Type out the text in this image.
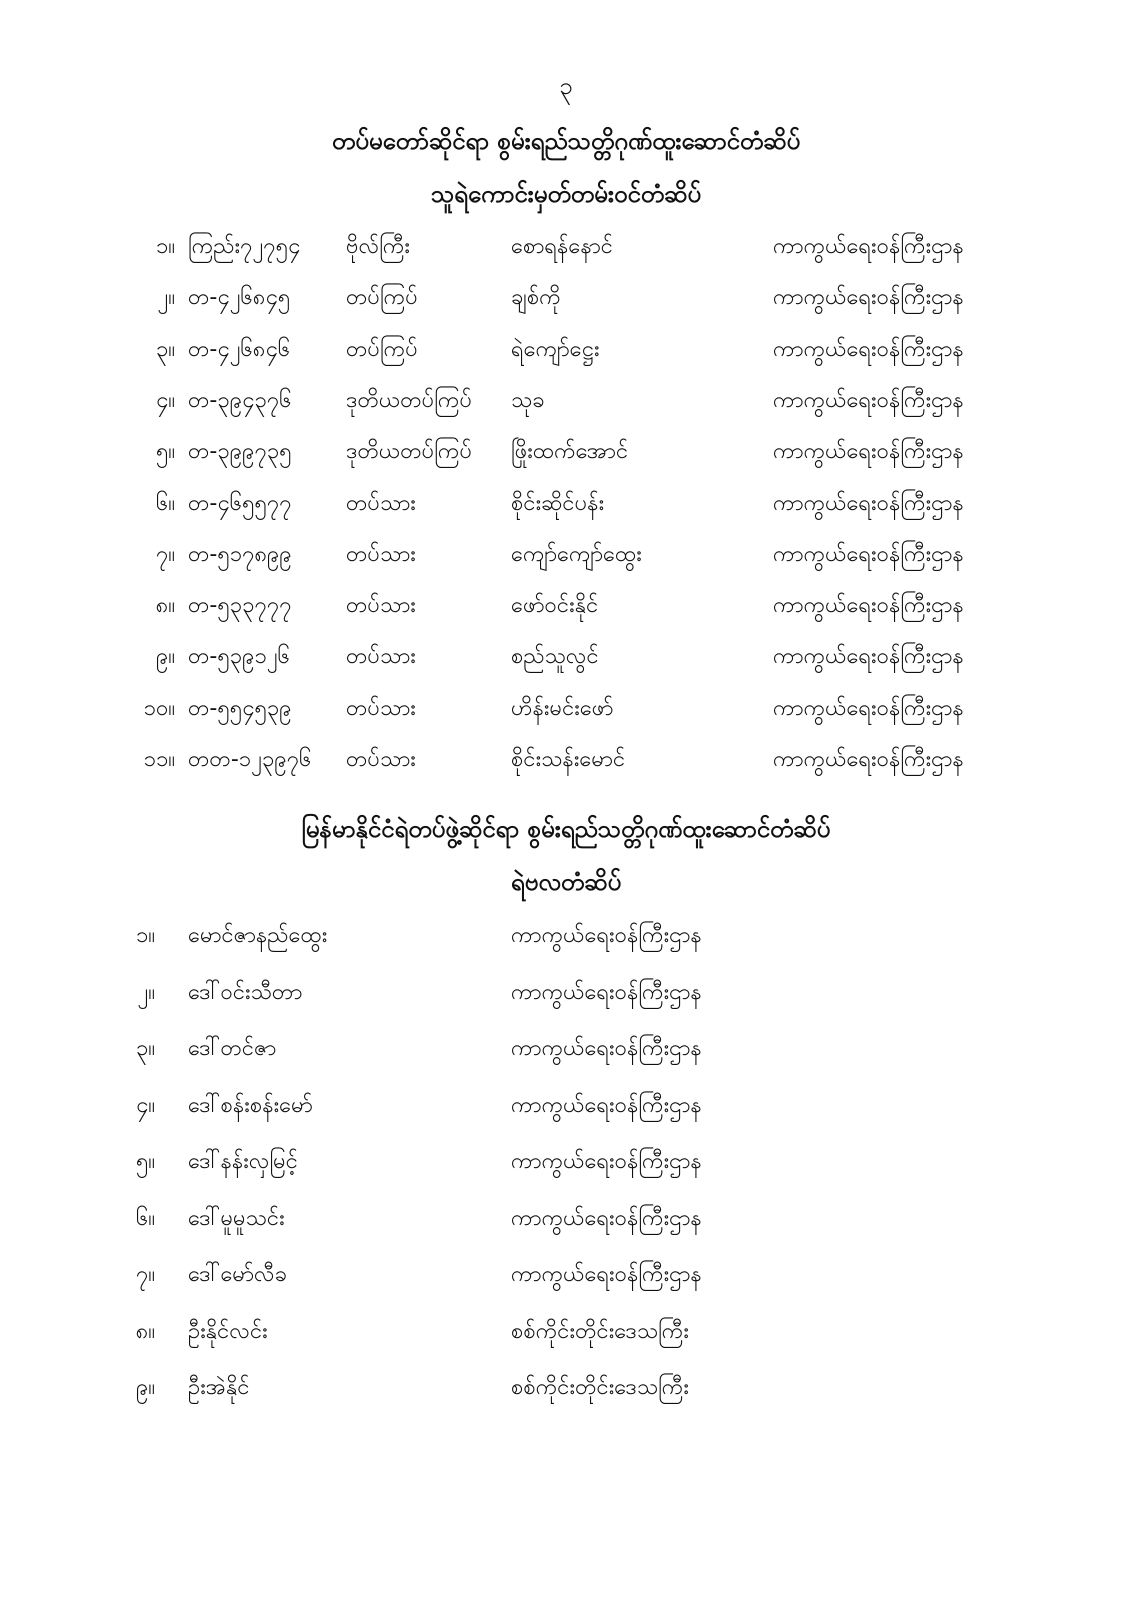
၃
တပ်မတော်ဆိုင်ရာ စွမ်းရည်သတ္တိဂုဏ်ထူးဆောင်တံဆိပ်
သူရဲကောင်းမှတ်တမ်းဝင်တံဆိပ်
၁။ ကြည်း၇၂၇၅၄ ဗိုလ်ကြီး	စောရန်နောင်	ကာကွယ်ရေးဝန်ကြီးဌာန
၂။ တ-၄၂၆၈၄၅	တပ်ကြပ်	ချစ်ကို	ကာကွယ်ရေးဝန်ကြီးဌာန
၃။ တ-၄၂၆၈၄၆	တပ်ကြပ်	ရဲကျော်ဋ္ဌေး	ကာကွယ်ရေးဝန်ကြီးဌာန
၄။ တ-၃၉၄၃၇၆ ဒုတိယတပ်ကြပ် သုခ	ကာကွယ်ရေးဝန်ကြီးဌာန
၅။ တ-၃၉၉၇၃၅ ဒုတိယတပ်ကြပ် ဖြိုးထက်အောင်	ကာကွယ်ရေးဝန်ကြီးဌာန
၆။ တ-၄၆၅၅၇၇ တပ်သား	စိုင်းဆိုင်ပန်း	ကာကွယ်ရေးဝန်ကြီးဌာန
၇။ တ-၅၁၇၈၉၉ တပ်သား	ကျော်ကျော်ထွေး	ကာကွယ်ရေးဝန်ကြီးဌာန
၈။ တ-၅၃၃၇၇၇ တပ်သား	ဖော်ဝင်းနိုင်	ကာကွယ်ရေးဝန်ကြီးဌာန
၉။ တ-၅၃၉၁၂၆	တပ်သား	စည်သူလွင်	ကာကွယ်ရေးဝန်ကြီးဌာန
၁၀။ တ-၅၅၄၅၃၉ တပ်သား	ဟိန်းမင်းဖော်	ကာကွယ်ရေးဝန်ကြီးဌာန
၁၁။ တတ-၁၂၃၉၇၆ တပ်သား	စိုင်းသန်းမောင်	ကာကွယ်ရေးဝန်ကြီးဌာန
မြန်မာနိုင်ငံရဲတပ်ဖွဲ့ဆိုင်ရာ စွမ်းရည်သတ္တိဂုဏ်ထူးဆောင်တံဆိပ်
ရဲဗလတံဆိပ်
၁။ မောင်ဇာနည်ထွေး	ကာကွယ်ရေးဝန်ကြီးဌာန
၂။ ဒေါ်ဝင်းသီတာ	ကာကွယ်ရေးဝန်ကြီးဌာန
၃။ ဒေါ်တင်ဇာ	ကာကွယ်ရေးဝန်ကြီးဌာန
၄။ ဒေါ်စန်းစန်းမော်	ကာကွယ်ရေးဝန်ကြီးဌာန
၅။ ဒေါ်နန်းလှမြင့်	ကာကွယ်ရေးဝန်ကြီးဌာန
၆။ ဒေါ်မူမူသင်း	ကာကွယ်ရေးဝန်ကြီးဌာန
၇။ ဒေါ်မော်လီခ	ကာကွယ်ရေးဝန်ကြီးဌာန
၈။ ဦးနိုင်လင်း	စစ်ကိုင်းတိုင်းဒေသကြီး
၉။ ဦးအဲနိုင်	စစ်ကိုင်းတိုင်းဒေသကြီး
